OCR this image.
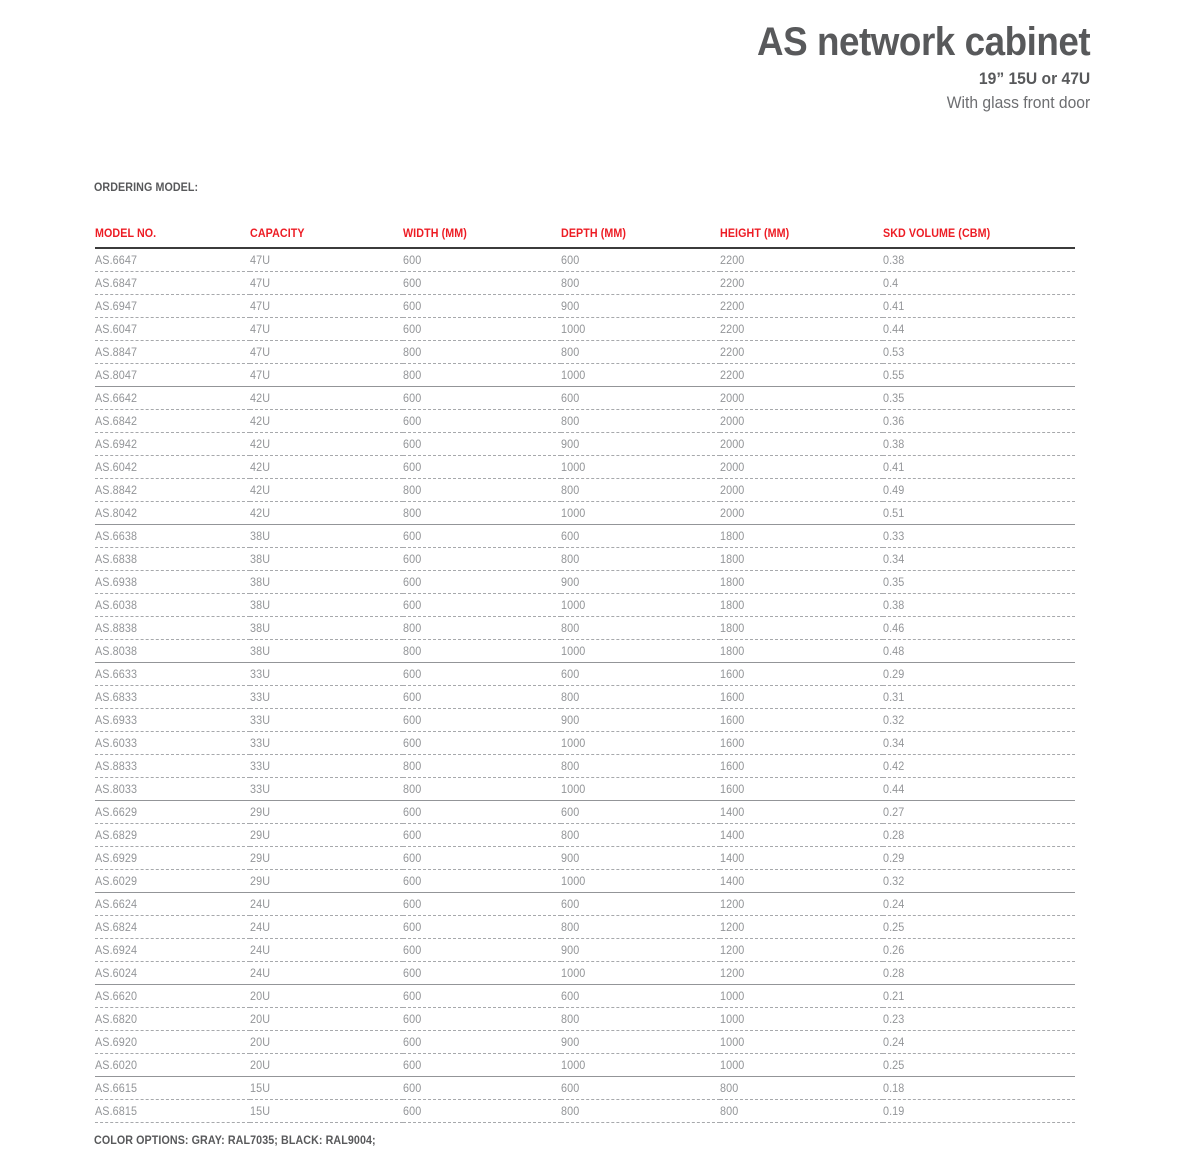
AS network cabinet
19” 15U or 47U
With glass front door
ORDERING MODEL:
MODEL NO.	CAPACITY	WIDTH (MM)	DEPTH (MM)	HEIGHT (MM)	SKD VOLUME (CBM)
AS.6647	47U	600	600	2200	0.38
AS.6847	47U	600	800	2200	0.4
AS.6947	47U	600	900	2200	0.41
AS.6047	47U	600	1000	2200	0.44
AS.8847	47U	800	800	2200	0.53
AS.8047	47U	800	1000	2200	0.55
AS.6642	42U	600	600	2000	0.35
AS.6842	42U	600	800	2000	0.36
AS.6942	42U	600	900	2000	0.38
AS.6042	42U	600	1000	2000	0.41
AS.8842	42U	800	800	2000	0.49
AS.8042	42U	800	1000	2000	0.51
AS.6638	38U	600	600	1800	0.33
AS.6838	38U	600	800	1800	0.34
AS.6938	38U	600	900	1800	0.35
AS.6038	38U	600	1000	1800	0.38
AS.8838	38U	800	800	1800	0.46
AS.8038	38U	800	1000	1800	0.48
AS.6633	33U	600	600	1600	0.29
AS.6833	33U	600	800	1600	0.31
AS.6933	33U	600	900	1600	0.32
AS.6033	33U	600	1000	1600	0.34
AS.8833	33U	800	800	1600	0.42
AS.8033	33U	800	1000	1600	0.44
AS.6629	29U	600	600	1400	0.27
AS.6829	29U	600	800	1400	0.28
AS.6929	29U	600	900	1400	0.29
AS.6029	29U	600	1000	1400	0.32
AS.6624	24U	600	600	1200	0.24
AS.6824	24U	600	800	1200	0.25
AS.6924	24U	600	900	1200	0.26
AS.6024	24U	600	1000	1200	0.28
AS.6620	20U	600	600	1000	0.21
AS.6820	20U	600	800	1000	0.23
AS.6920	20U	600	900	1000	0.24
AS.6020	20U	600	1000	1000	0.25
AS.6615	15U	600	600	800	0.18
AS.6815	15U	600	800	800	0.19
COLOR OPTIONS: GRAY: RAL7035; BLACK: RAL9004;
